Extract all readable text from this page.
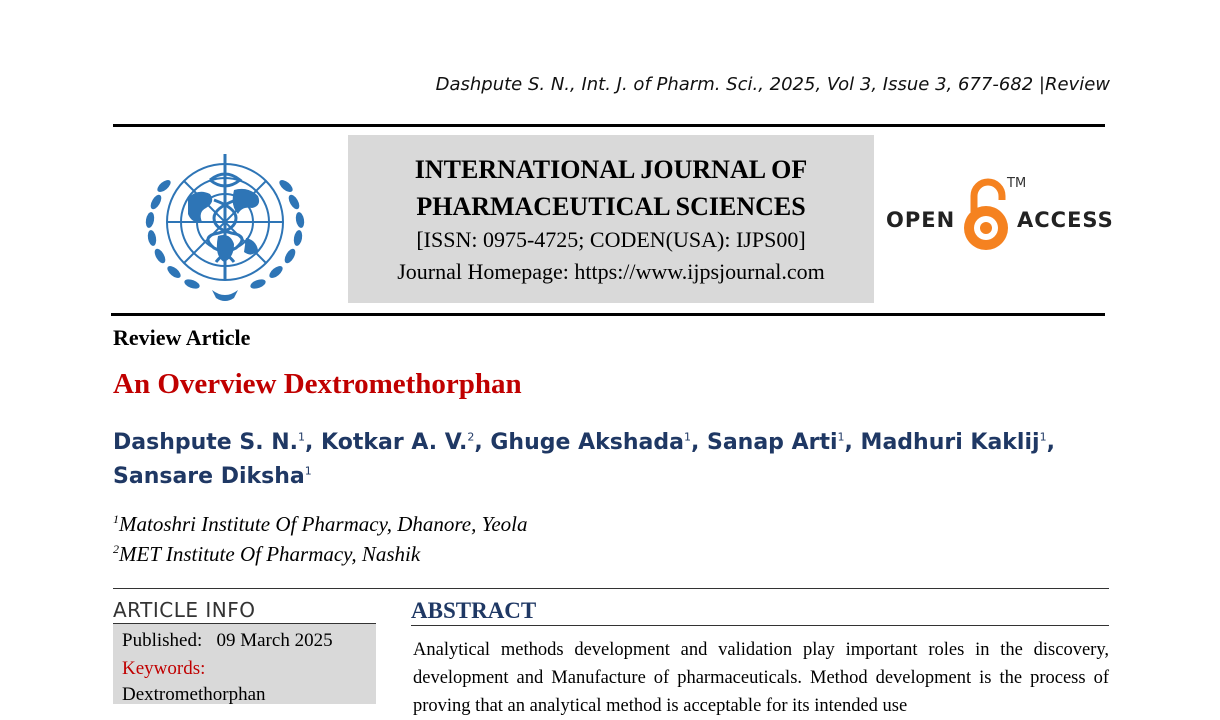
Dashpute S. N., Int. J. of Pharm. Sci., 2025, Vol 3, Issue 3, 677-682 |Review
INTERNATIONAL JOURNAL OF
PHARMACEUTICAL SCIENCES
[ISSN: 0975-4725; CODEN(USA): IJPS00]
Journal Homepage: https://www.ijpsjournal.com
OPEN	ACCESS
TM
Review Article
An Overview Dextromethorphan
Dashpute S. N.$^1$, Kotkar A. V.$^2$, Ghuge Akshada$^1$, Sanap Arti$^1$, Madhuri Kaklij$^1$,
Sansare Diksha$^1$
$^1$Matoshri Institute Of Pharmacy, Dhanore, Yeola
$^2$MET Institute Of Pharmacy, Nashik
ARTICLE INFO
Published: 09 March 2025
Keywords:
Dextromethorphan
ABSTRACT
Analytical methods development and validation play important roles in the discovery, development and Manufacture of pharmaceuticals. Method development is the process of proving that an analytical method is acceptable for its intended use
